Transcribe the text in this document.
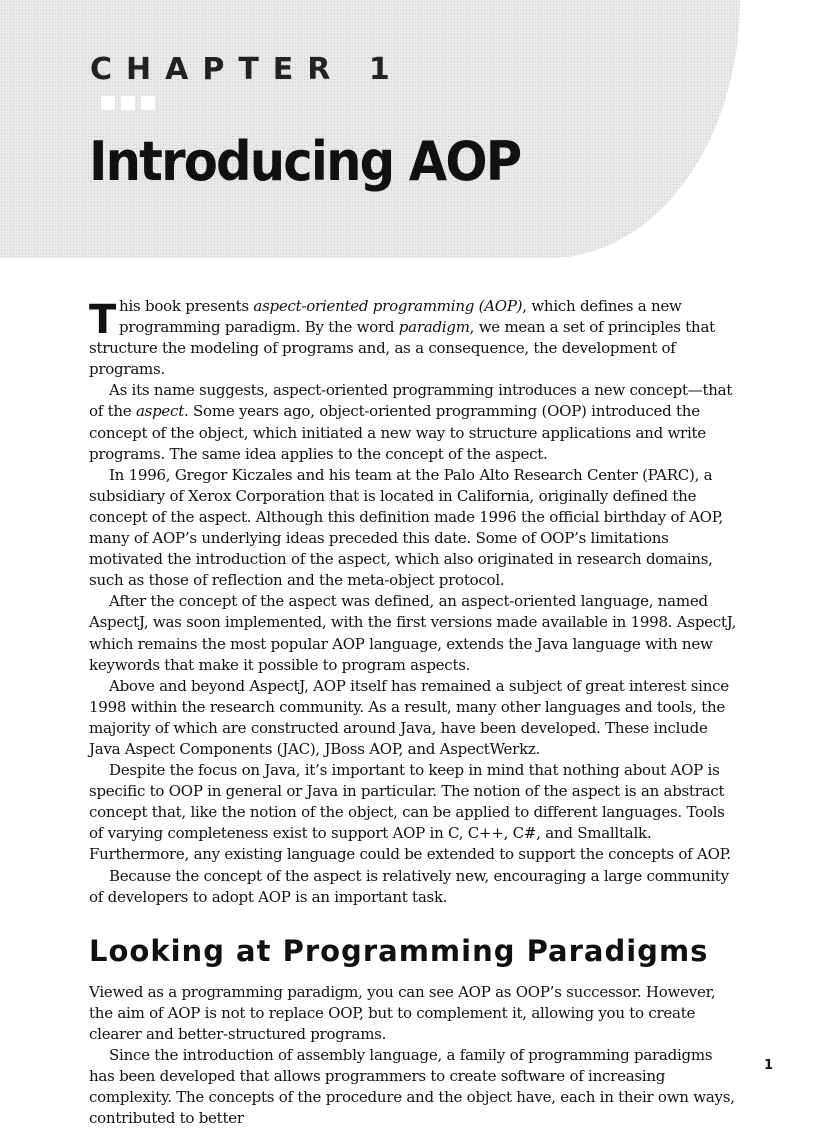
CHAPTER 1
Introducing AOP

This book presents aspect-oriented programming (AOP), which defines a new programming paradigm. By the word paradigm, we mean a set of principles that structure the modeling of programs and, as a consequence, the development of programs.

As its name suggests, aspect-oriented programming introduces a new concept—that of the aspect. Some years ago, object-oriented programming (OOP) introduced the concept of the object, which initiated a new way to structure applications and write programs. The same idea applies to the concept of the aspect.

In 1996, Gregor Kiczales and his team at the Palo Alto Research Center (PARC), a subsidiary of Xerox Corporation that is located in California, originally defined the concept of the aspect. Although this definition made 1996 the official birthday of AOP, many of AOP’s underlying ideas preceded this date. Some of OOP’s limitations motivated the introduction of the aspect, which also originated in research domains, such as those of reflection and the meta-object protocol.

After the concept of the aspect was defined, an aspect-oriented language, named AspectJ, was soon implemented, with the first versions made available in 1998. AspectJ, which remains the most popular AOP language, extends the Java language with new keywords that make it possible to program aspects.

Above and beyond AspectJ, AOP itself has remained a subject of great interest since 1998 within the research community. As a result, many other languages and tools, the majority of which are constructed around Java, have been developed. These include Java Aspect Components (JAC), JBoss AOP, and AspectWerkz.

Despite the focus on Java, it’s important to keep in mind that nothing about AOP is specific to OOP in general or Java in particular. The notion of the aspect is an abstract concept that, like the notion of the object, can be applied to different languages. Tools of varying completeness exist to support AOP in C, C++, C#, and Smalltalk. Furthermore, any existing language could be extended to support the concepts of AOP.

Because the concept of the aspect is relatively new, encouraging a large community of developers to adopt AOP is an important task.

Looking at Programming Paradigms

Viewed as a programming paradigm, you can see AOP as OOP’s successor. However, the aim of AOP is not to replace OOP, but to complement it, allowing you to create clearer and better-structured programs.

Since the introduction of assembly language, a family of programming paradigms has been developed that allows programmers to create software of increasing complexity. The concepts of the procedure and the object have, each in their own ways, contributed to better

1
